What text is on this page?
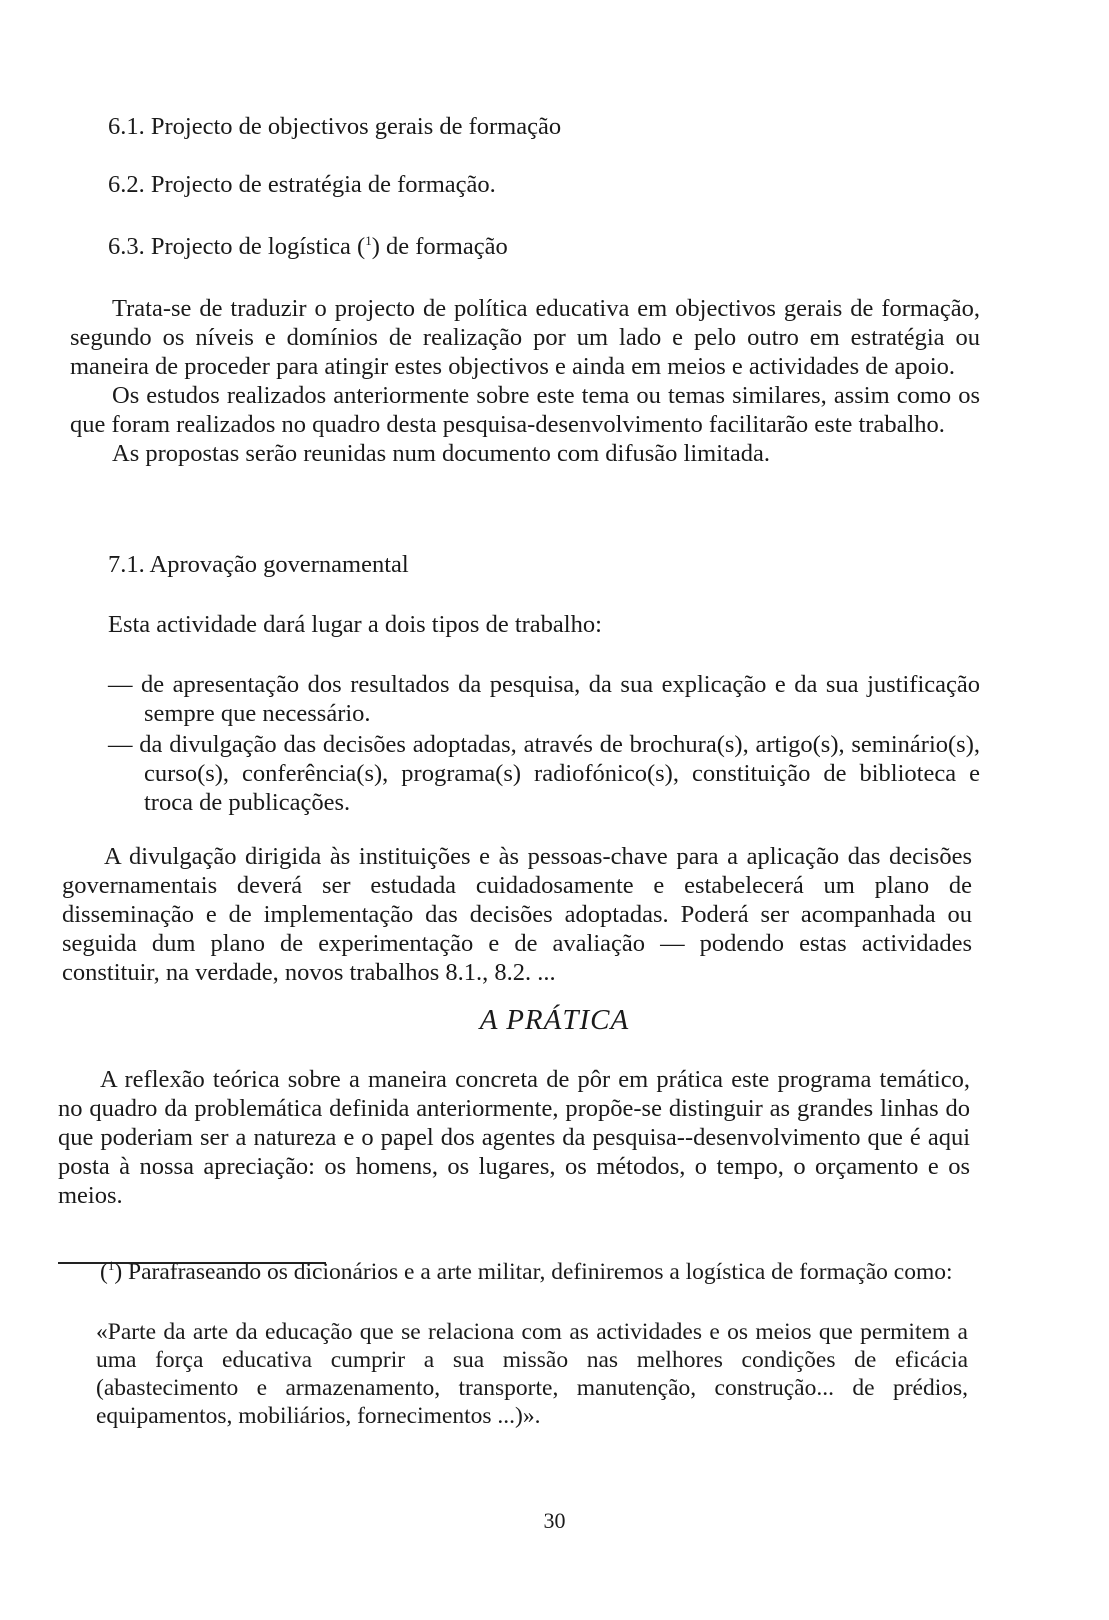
6.1. Projecto de objectivos gerais de formação
6.2. Projecto de estratégia de formação.
6.3. Projecto de logística ($^1$) de formação

Trata-se de traduzir o projecto de política educativa em objectivos gerais de formação, segundo os níveis e domínios de realização por um lado e pelo outro em estratégia ou maneira de proceder para atingir estes objectivos e ainda em meios e actividades de apoio.

Os estudos realizados anteriormente sobre este tema ou temas similares, assim como os que foram realizados no quadro desta pesquisa-desenvolvimento facilitarão este trabalho.

As propostas serão reunidas num documento com difusão limitada.

7.1. Aprovação governamental
Esta actividade dará lugar a dois tipos de trabalho:
— de apresentação dos resultados da pesquisa, da sua explicação e da sua justificação sempre que necessário.
— da divulgação das decisões adoptadas, através de brochura(s), artigo(s), seminário(s), curso(s), conferência(s), programa(s) radiofónico(s), constituição de biblioteca e troca de publicações.

A divulgação dirigida às instituições e às pessoas-chave para a aplicação das decisões governamentais deverá ser estudada cuidadosamente e estabelecerá um plano de disseminação e de implementação das decisões adoptadas. Poderá ser acompanhada ou seguida dum plano de experimentação e de avaliação — podendo estas actividades constituir, na verdade, novos trabalhos 8.1., 8.2. ...

A PRÁTICA

A reflexão teórica sobre a maneira concreta de pôr em prática este programa temático, no quadro da problemática definida anteriormente, propõe-se distinguir as grandes linhas do que poderiam ser a natureza e o papel dos agentes da pesquisa--desenvolvimento que é aqui posta à nossa apreciação: os homens, os lugares, os métodos, o tempo, o orçamento e os meios.

($^1$) Parafraseando os dicionários e a arte militar, definiremos a logística de formação como:
«Parte da arte da educação que se relaciona com as actividades e os meios que permitem a uma força educativa cumprir a sua missão nas melhores condições de eficácia (abastecimento e armazenamento, transporte, manutenção, construção... de prédios, equipamentos, mobiliários, fornecimentos ...)».
30
